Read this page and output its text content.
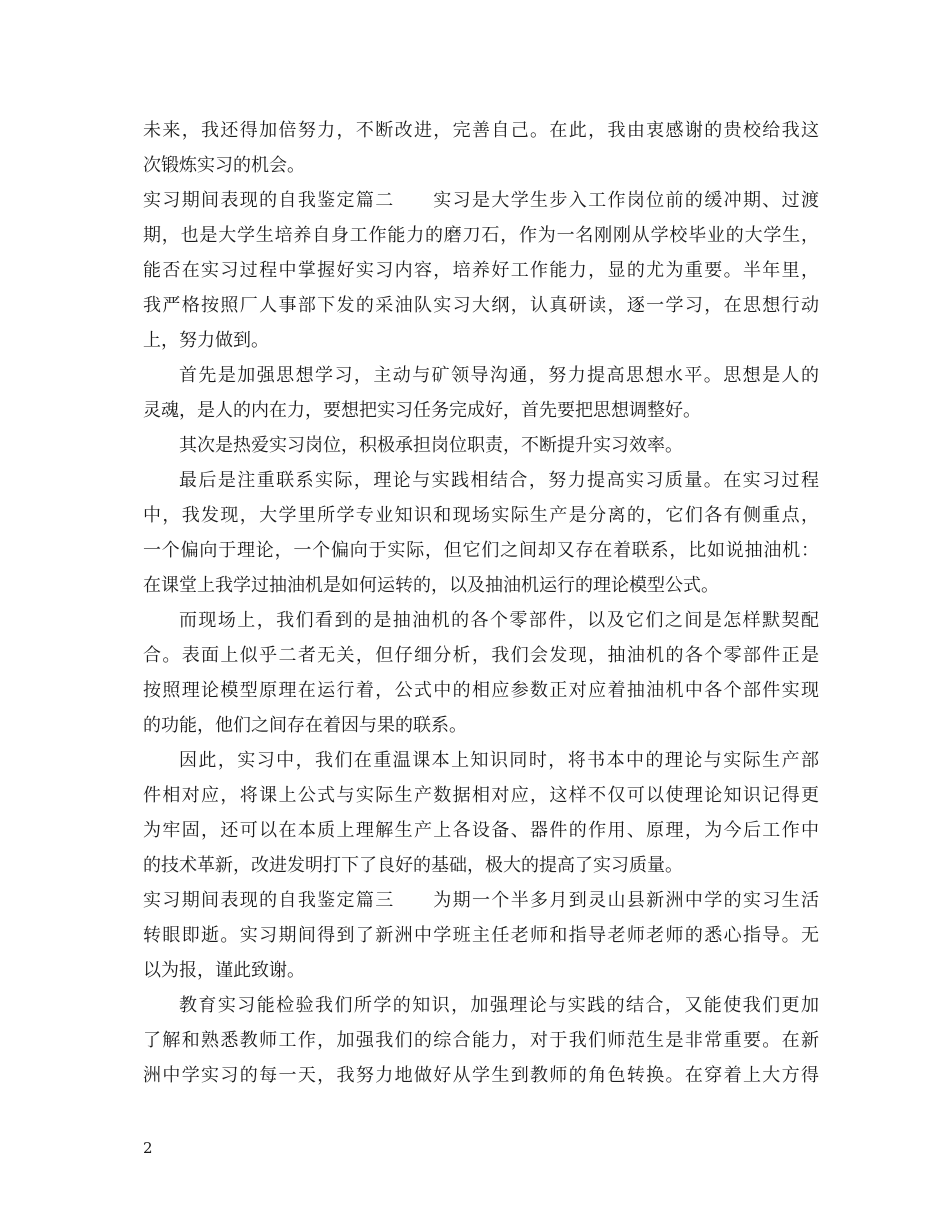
未来，我还得加倍努力，不断改进，完善自己。在此，我由衷感谢的贵校给我这
次锻炼实习的机会。
实习期间表现的自我鉴定篇二　　实习是大学生步入工作岗位前的缓冲期、过渡
期，也是大学生培养自身工作能力的磨刀石，作为一名刚刚从学校毕业的大学生，
能否在实习过程中掌握好实习内容，培养好工作能力，显的尤为重要。半年里，
我严格按照厂人事部下发的采油队实习大纲，认真研读，逐一学习，在思想行动
上，努力做到。
首先是加强思想学习，主动与矿领导沟通，努力提高思想水平。思想是人的
灵魂，是人的内在力，要想把实习任务完成好，首先要把思想调整好。
其次是热爱实习岗位，积极承担岗位职责，不断提升实习效率。
最后是注重联系实际，理论与实践相结合，努力提高实习质量。在实习过程
中，我发现，大学里所学专业知识和现场实际生产是分离的，它们各有侧重点，
一个偏向于理论，一个偏向于实际，但它们之间却又存在着联系，比如说抽油机：
在课堂上我学过抽油机是如何运转的，以及抽油机运行的理论模型公式。
而现场上，我们看到的是抽油机的各个零部件，以及它们之间是怎样默契配
合。表面上似乎二者无关，但仔细分析，我们会发现，抽油机的各个零部件正是
按照理论模型原理在运行着，公式中的相应参数正对应着抽油机中各个部件实现
的功能，他们之间存在着因与果的联系。
因此，实习中，我们在重温课本上知识同时，将书本中的理论与实际生产部
件相对应，将课上公式与实际生产数据相对应，这样不仅可以使理论知识记得更
为牢固，还可以在本质上理解生产上各设备、器件的作用、原理，为今后工作中
的技术革新，改进发明打下了良好的基础，极大的提高了实习质量。
实习期间表现的自我鉴定篇三　　为期一个半多月到灵山县新洲中学的实习生活
转眼即逝。实习期间得到了新洲中学班主任老师和指导老师老师的悉心指导。无
以为报，谨此致谢。
教育实习能检验我们所学的知识，加强理论与实践的结合，又能使我们更加
了解和熟悉教师工作，加强我们的综合能力，对于我们师范生是非常重要。在新
洲中学实习的每一天，我努力地做好从学生到教师的角色转换。在穿着上大方得
2
